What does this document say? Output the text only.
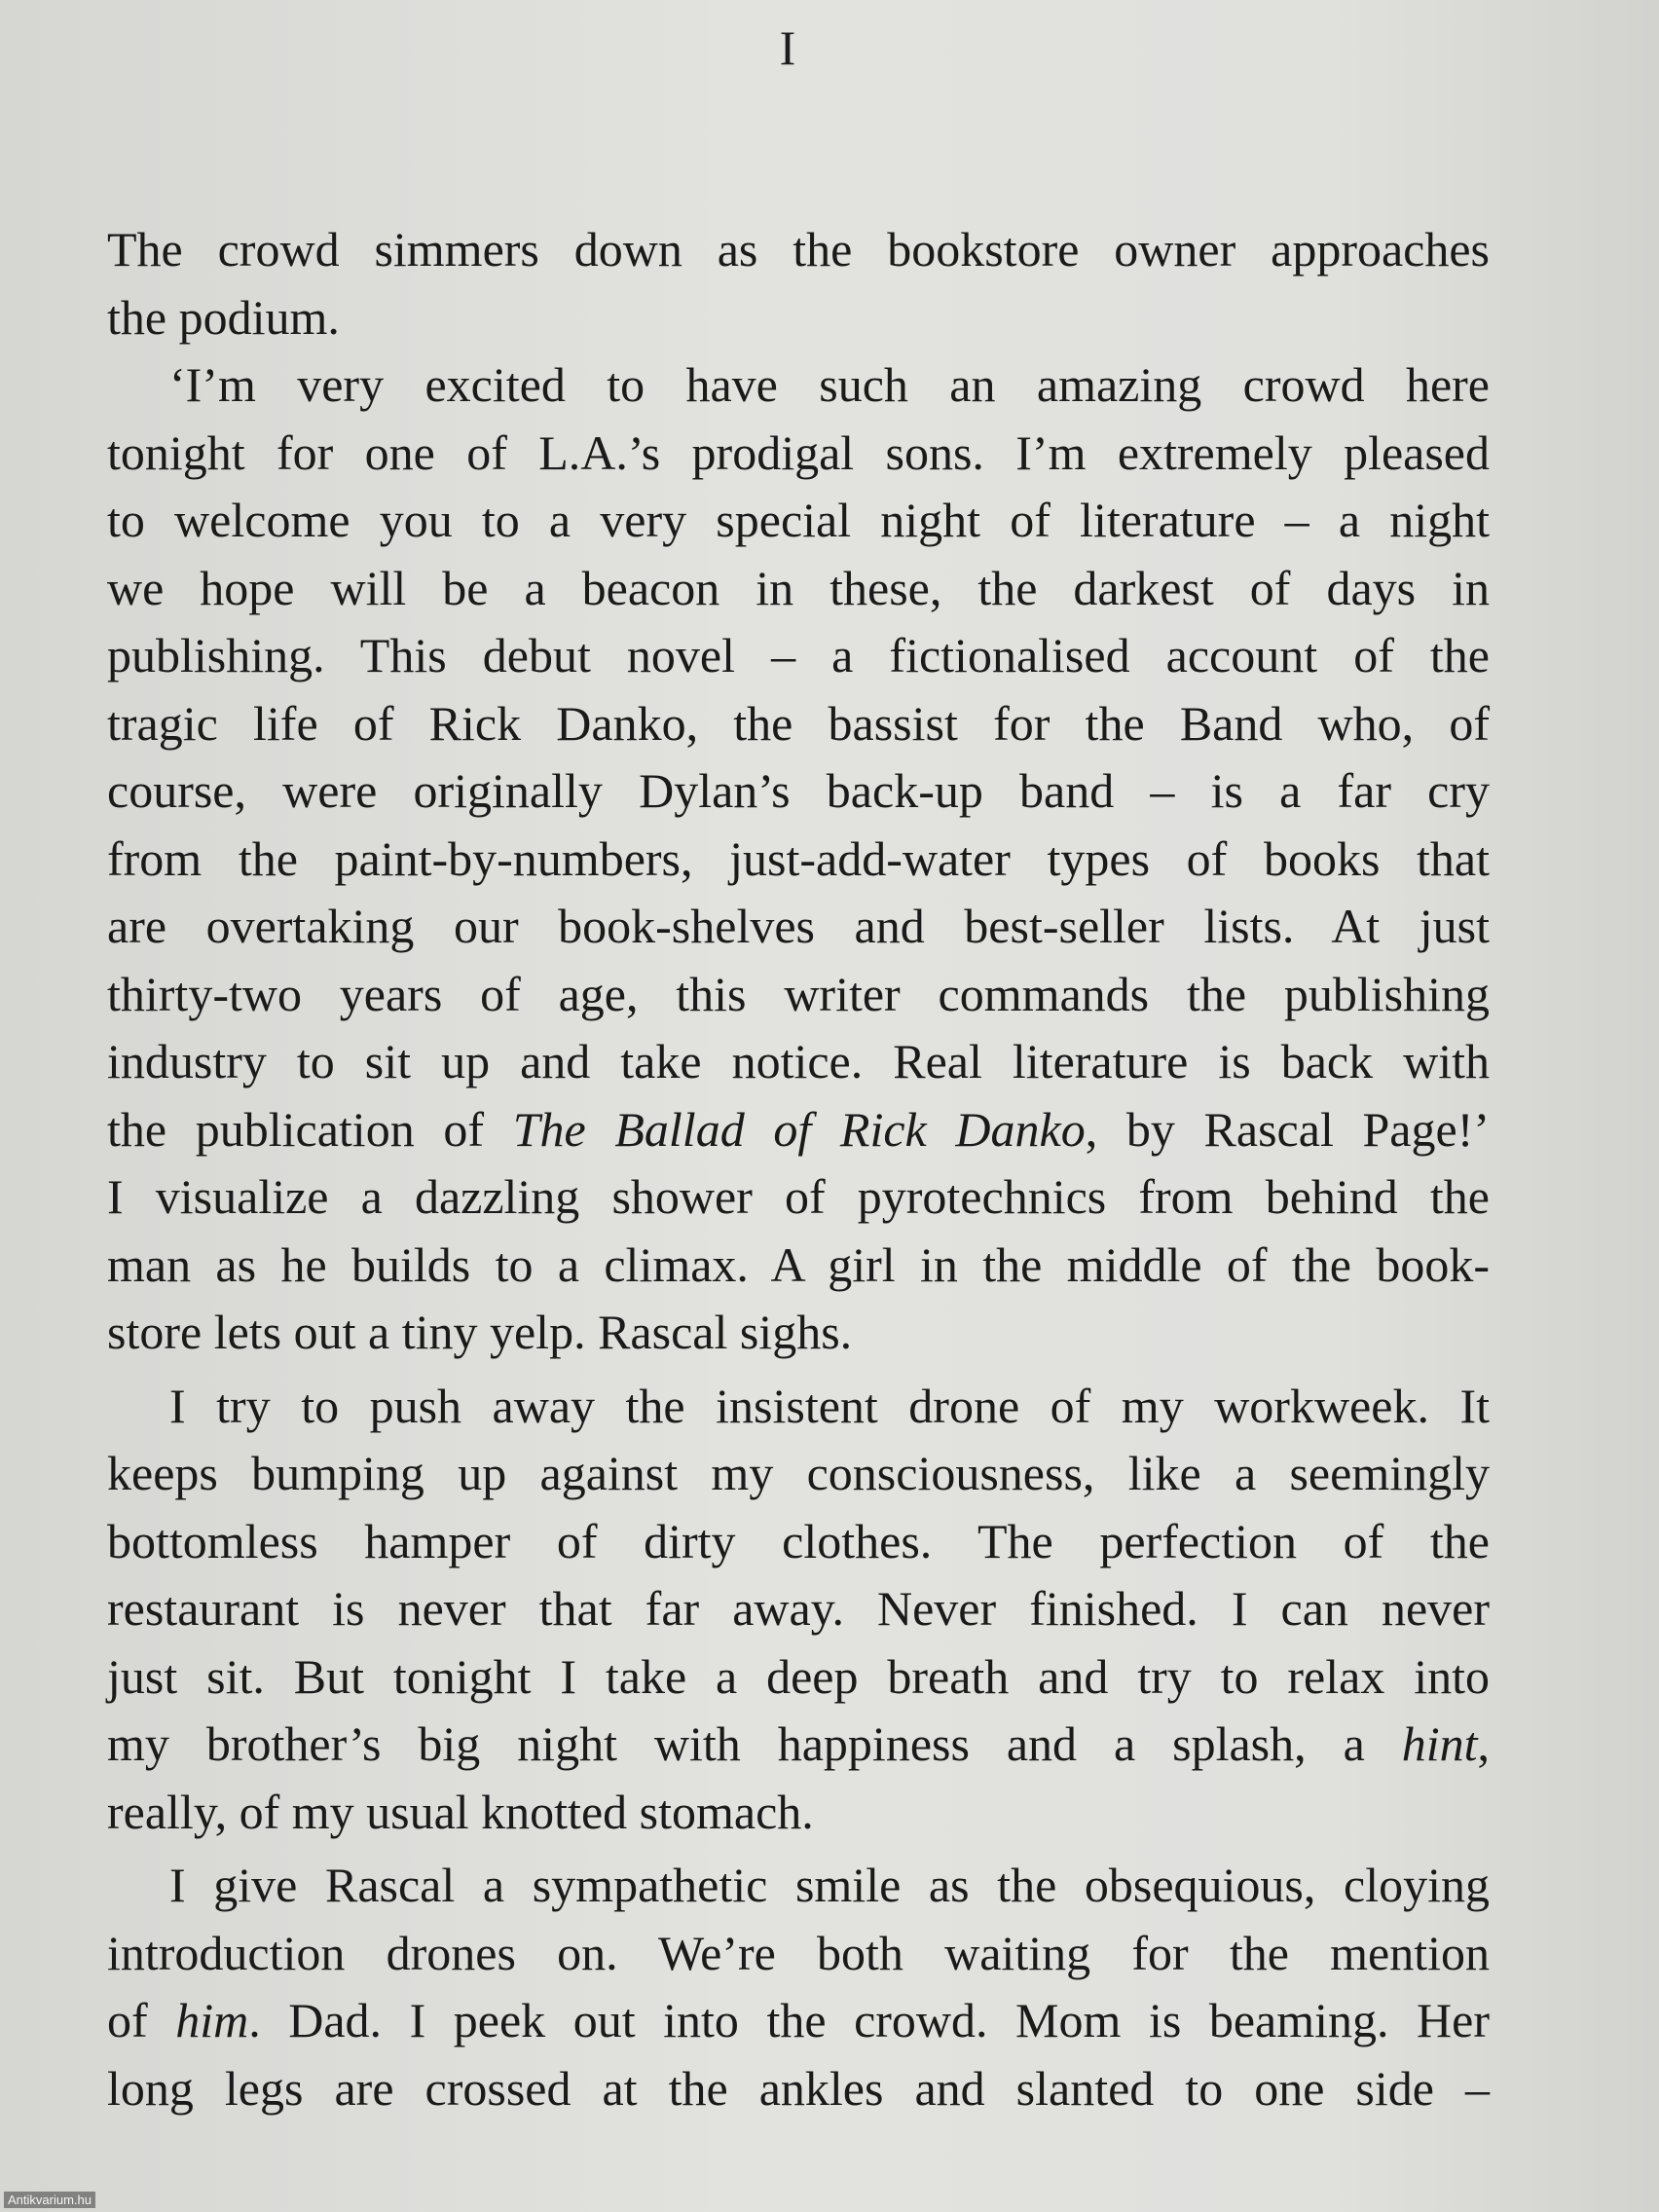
I

The crowd simmers down as the bookstore owner approaches
the podium.

‘I’m very excited to have such an amazing crowd here
tonight for one of L.A.’s prodigal sons. I’m extremely pleased
to welcome you to a very special night of literature – a night
we hope will be a beacon in these, the darkest of days in
publishing. This debut novel – a fictionalised account of the
tragic life of Rick Danko, the bassist for the Band who, of
course, were originally Dylan’s back-up band – is a far cry
from the paint-by-numbers, just-add-water types of books that
are overtaking our book-shelves and best-seller lists. At just
thirty-two years of age, this writer commands the publishing
industry to sit up and take notice. Real literature is back with
the publication of The Ballad of Rick Danko, by Rascal Page!’
I visualize a dazzling shower of pyrotechnics from behind the
man as he builds to a climax. A girl in the middle of the book-
store lets out a tiny yelp. Rascal sighs.

I try to push away the insistent drone of my workweek. It
keeps bumping up against my consciousness, like a seemingly
bottomless hamper of dirty clothes. The perfection of the
restaurant is never that far away. Never finished. I can never
just sit. But tonight I take a deep breath and try to relax into
my brother’s big night with happiness and a splash, a hint,
really, of my usual knotted stomach.

I give Rascal a sympathetic smile as the obsequious, cloying
introduction drones on. We’re both waiting for the mention
of him. Dad. I peek out into the crowd. Mom is beaming. Her
long legs are crossed at the ankles and slanted to one side –

Antikvarium.hu
